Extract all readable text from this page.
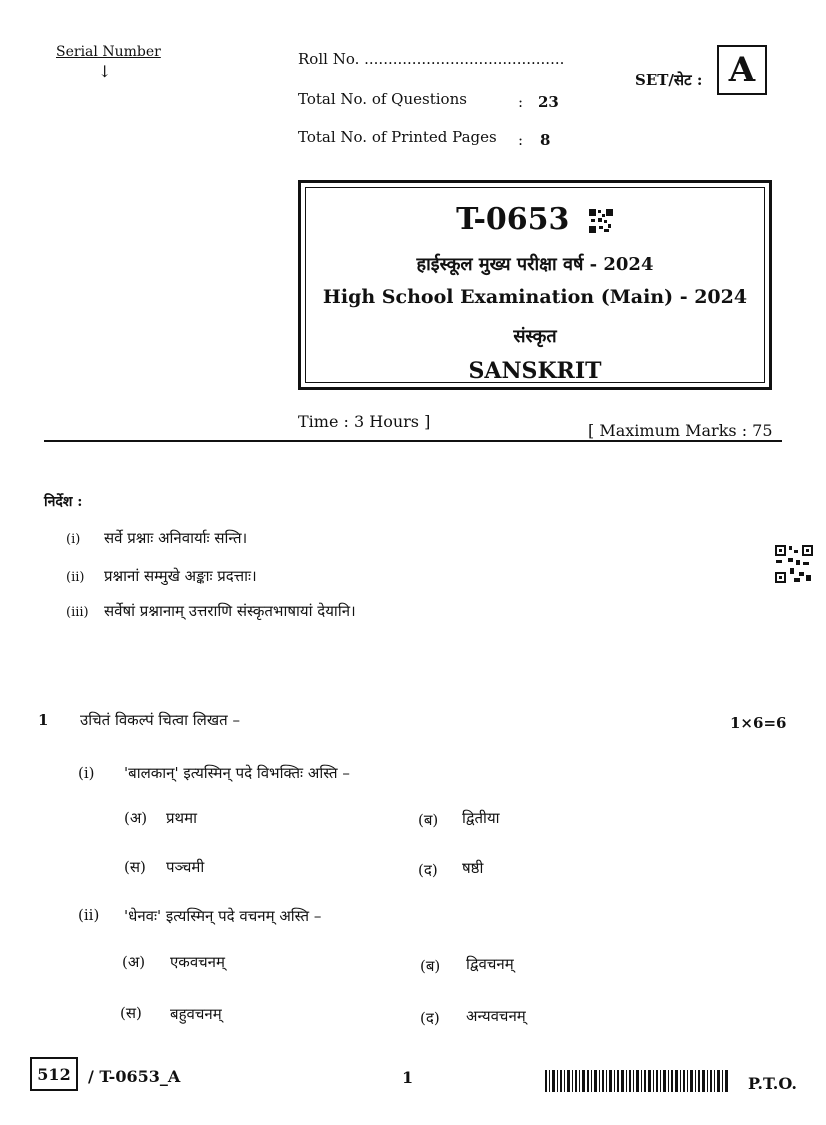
Serial Number
↓
Roll No. ..........................................
Total No. of Questions	: 23
Total No. of Printed Pages : 8
SET/सेट : A
T-0653
हाईस्कूल मुख्य परीक्षा वर्ष - 2024
High School Examination (Main) - 2024
संस्कृत
SANSKRIT
Time : 3 Hours ]	[ Maximum Marks : 75
निर्देश :
(i) सर्वे प्रश्नाः अनिवार्याः सन्ति।
(ii) प्रश्नानां सम्मुखे अङ्काः प्रदत्ताः।
(iii) सर्वेषां प्रश्नानाम् उत्तराणि संस्कृतभाषायां देयानि।
1 उचितं विकल्पं चित्वा लिखत –	1×6=6
(i) 'बालकान्' इत्यस्मिन् पदे विभक्तिः अस्ति –
(अ) प्रथमा	(ब) द्वितीया
(स) पञ्चमी	(द) षष्ठी
(ii) 'धेनवः' इत्यस्मिन् पदे वचनम् अस्ति –
(अ) एकवचनम्	(ब) द्विवचनम्
(स) बहुवचनम्	(द) अन्यवचनम्
512	/ T-0653_A	1	P.T.O.
